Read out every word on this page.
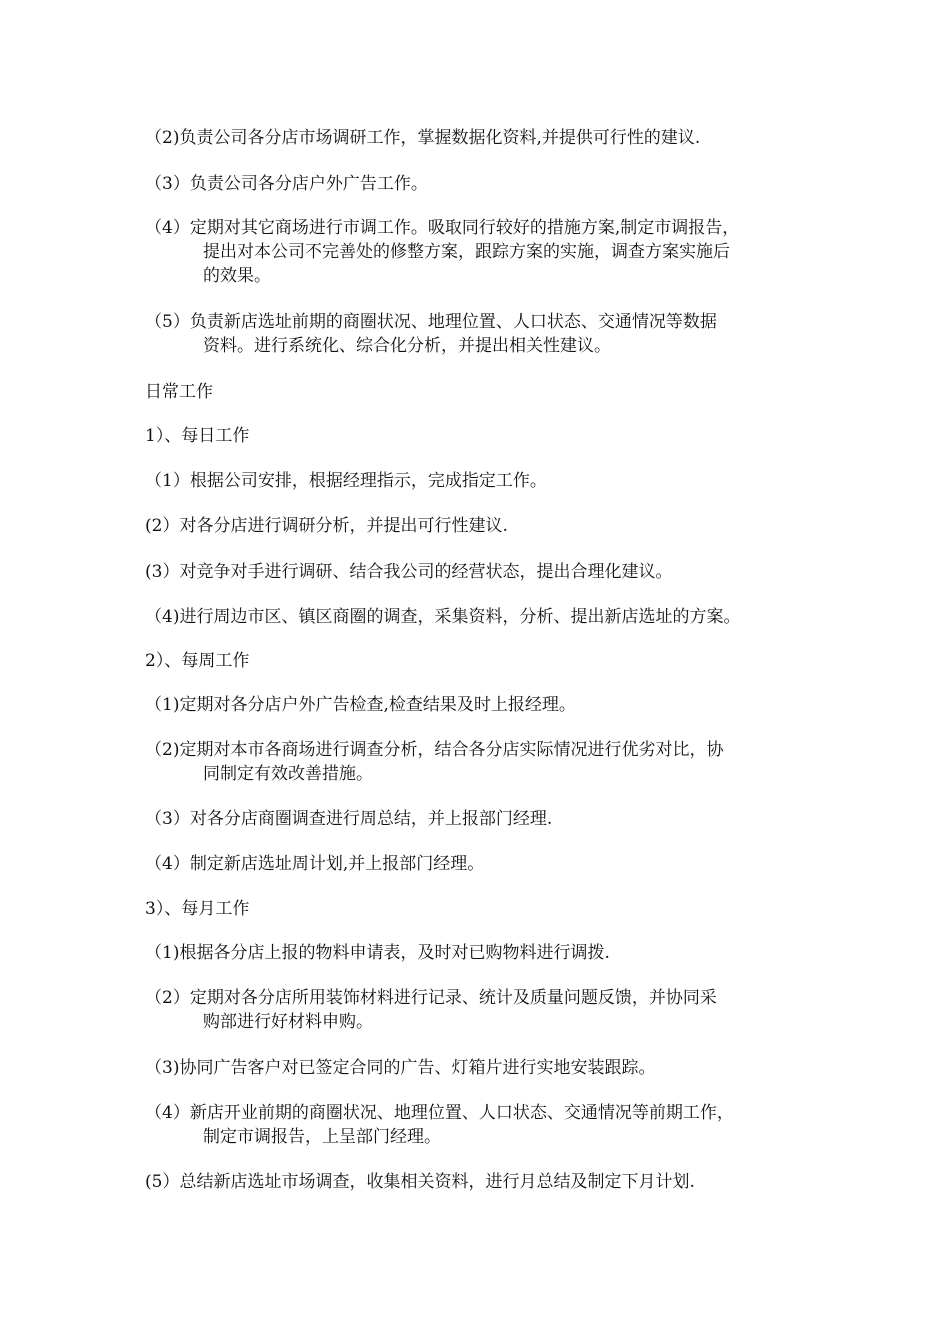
（2)负责公司各分店市场调研工作，掌握数据化资料,并提供可行性的建议.
（3）负责公司各分店户外广告工作。
（4）定期对其它商场进行市调工作。吸取同行较好的措施方案,制定市调报告，
提出对本公司不完善处的修整方案，跟踪方案的实施，调查方案实施后
的效果。
（5）负责新店选址前期的商圈状况、地理位置、人口状态、交通情况等数据
资料。进行系统化、综合化分析，并提出相关性建议。
日常工作
1）、每日工作
（1）根据公司安排，根据经理指示，完成指定工作。
(2）对各分店进行调研分析，并提出可行性建议.
(3）对竞争对手进行调研、结合我公司的经营状态，提出合理化建议。
（4)进行周边市区、镇区商圈的调查，采集资料，分析、提出新店选址的方案。
2）、每周工作
（1)定期对各分店户外广告检查,检查结果及时上报经理。
（2)定期对本市各商场进行调查分析，结合各分店实际情况进行优劣对比，协
同制定有效改善措施。
（3）对各分店商圈调查进行周总结，并上报部门经理.
（4）制定新店选址周计划,并上报部门经理。
3）、每月工作
（1)根据各分店上报的物料申请表，及时对已购物料进行调拨.
（2）定期对各分店所用装饰材料进行记录、统计及质量问题反馈，并协同采
购部进行好材料申购。
（3)协同广告客户对已签定合同的广告、灯箱片进行实地安装跟踪。
（4）新店开业前期的商圈状况、地理位置、人口状态、交通情况等前期工作，
制定市调报告，上呈部门经理。
(5）总结新店选址市场调查，收集相关资料，进行月总结及制定下月计划.
